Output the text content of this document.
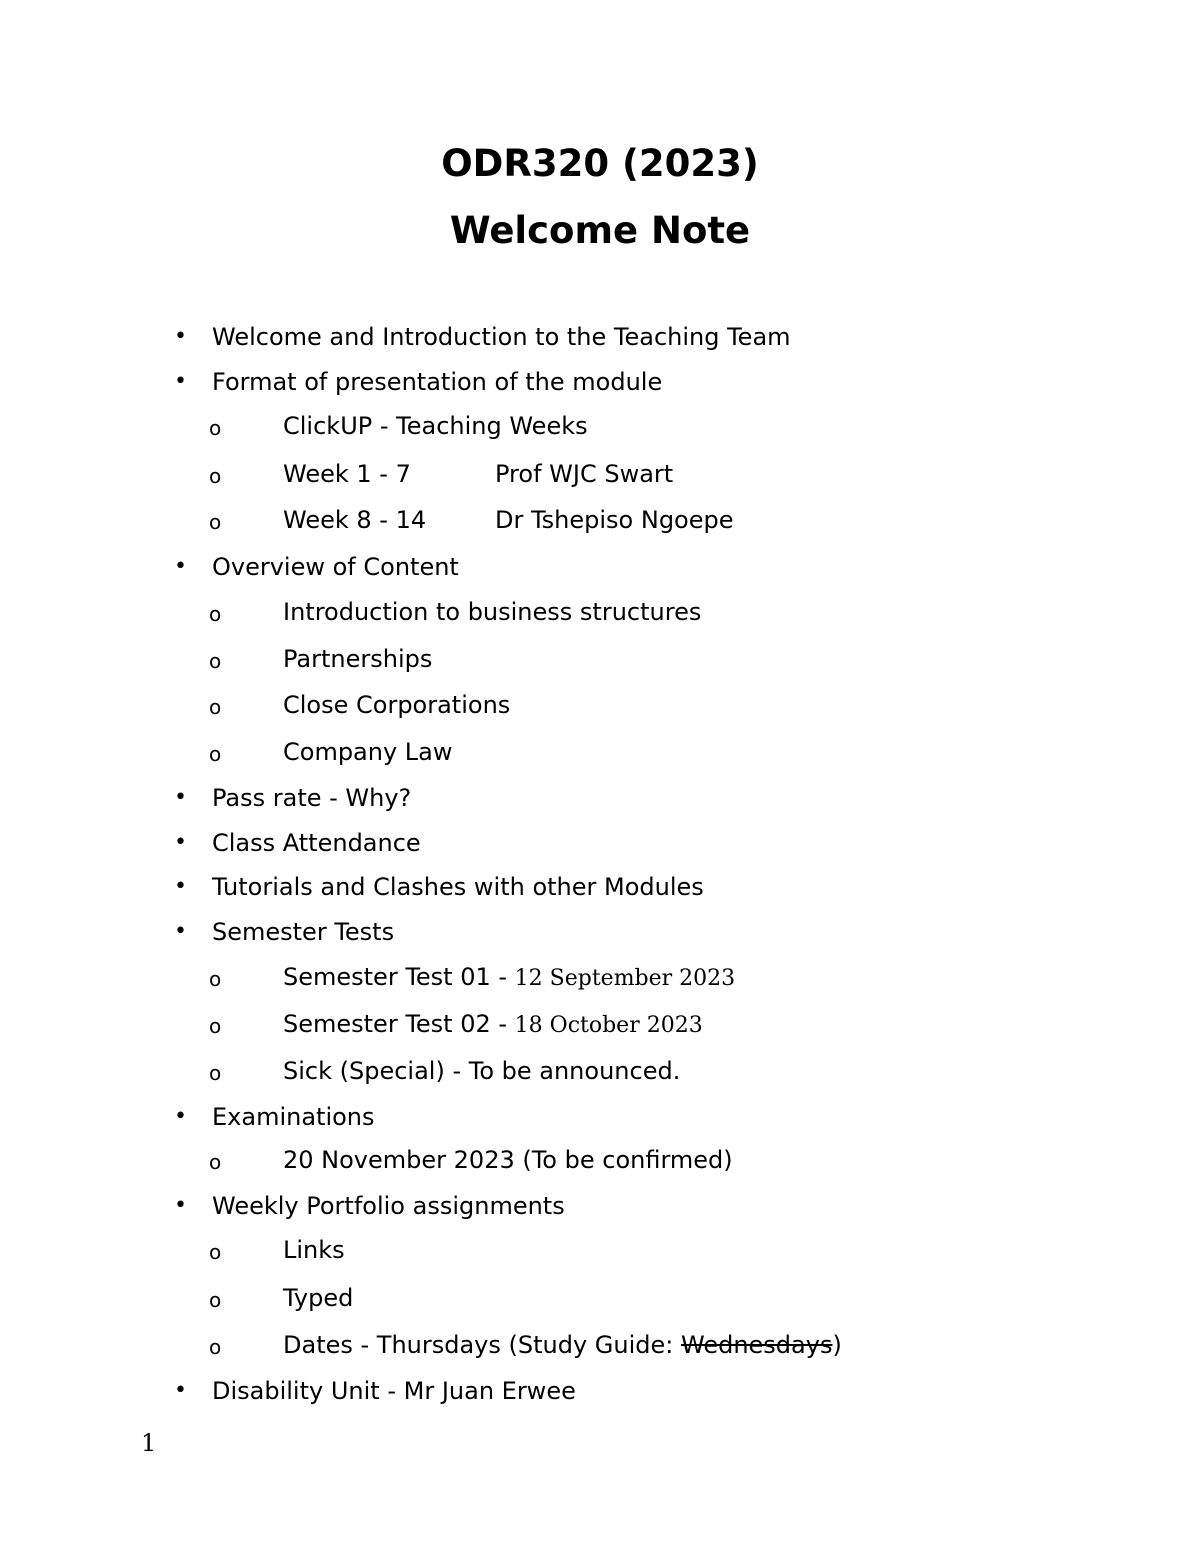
ODR320 (2023)
Welcome Note
• Welcome and Introduction to the Teaching Team
• Format of presentation of the module
o	ClickUP - Teaching Weeks
o	Week 1 - 7	Prof WJC Swart
o	Week 8 - 14	Dr Tshepiso Ngoepe
• Overview of Content
o	Introduction to business structures
o	Partnerships
o	Close Corporations
o	Company Law
• Pass rate - Why?
• Class Attendance
• Tutorials and Clashes with other Modules
• Semester Tests
o	Semester Test 01 - 12 September 2023
o	Semester Test 02 - 18 October 2023
o	Sick (Special) - To be announced.
• Examinations
o	20 November 2023 (To be confirmed)
• Weekly Portfolio assignments
o	Links
o	Typed
o	Dates - Thursdays (Study Guide: Wednesdays)
• Disability Unit - Mr Juan Erwee
1
